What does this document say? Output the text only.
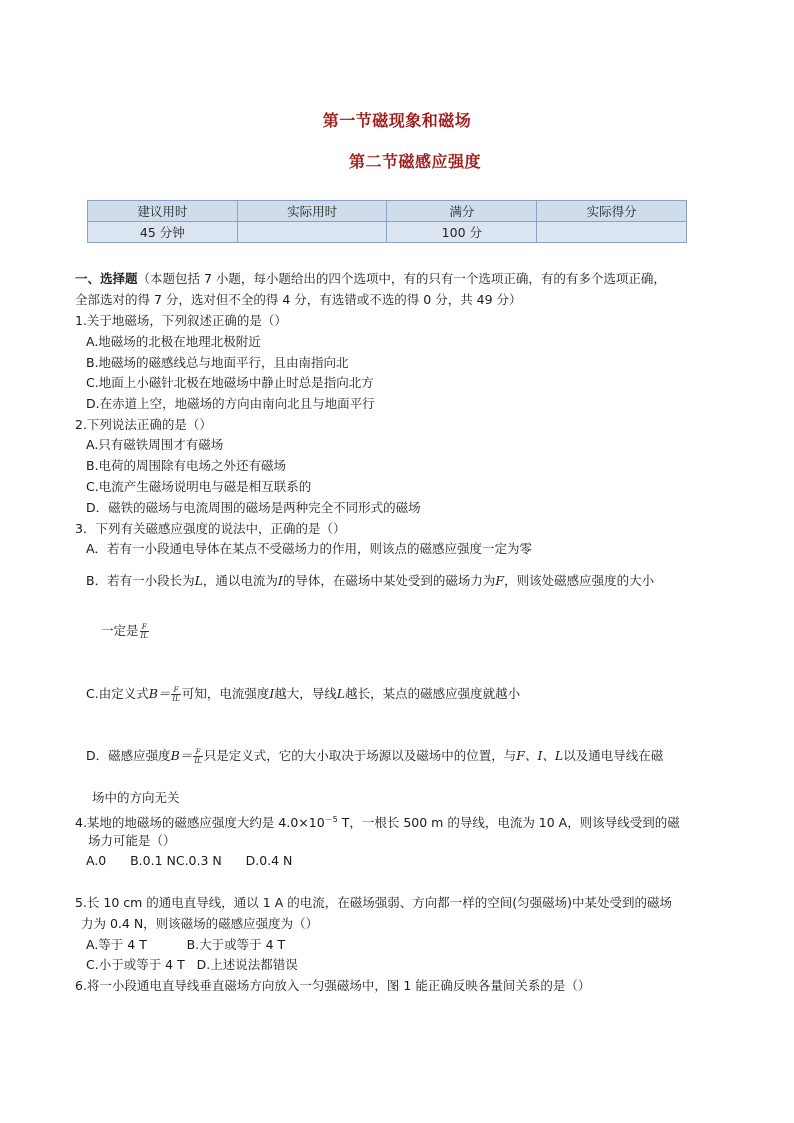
第一节磁现象和磁场
第二节磁感应强度
建议用时	实际用时	满分	实际得分
45 分钟		100 分	
一、选择题（本题包括 7 小题，每小题给出的四个选项中，有的只有一个选项正确，有的有多个选项正确，
全部选对的得 7 分，选对但不全的得 4 分，有选错或不选的得 0 分，共 49 分）
1.关于地磁场，下列叙述正确的是（）
A.地磁场的北极在地理北极附近
B.地磁场的磁感线总与地面平行，且由南指向北
C.地面上小磁针北极在地磁场中静止时总是指向北方
D.在赤道上空，地磁场的方向由南向北且与地面平行
2.下列说法正确的是（）
A.只有磁铁周围才有磁场
B.电荷的周围除有电场之外还有磁场
C.电流产生磁场说明电与磁是相互联系的
D．磁铁的磁场与电流周围的磁场是两种完全不同形式的磁场
3．下列有关磁感应强度的说法中，正确的是（）
A．若有一小段通电导体在某点不受磁场力的作用，则该点的磁感应强度一定为零
B．若有一小段长为L，通以电流为I的导体，在磁场中某处受到的磁场力为F，则该处磁感应强度的大小
一定是 $\frac{F}{IL}$
C.由定义式$B= \frac{F}{IL}$ 可知，电流强度I越大，导线L越长，某点的磁感应强度就越小
D．磁感应强度$B= \frac{F}{IL}$ 只是定义式，它的大小取决于场源以及磁场中的位置，与F、I、L以及通电导线在磁
场中的方向无关
4.某地的地磁场的磁感应强度大约是 $4.0\times 10^{-5}$ T，一根长 500 m 的导线，电流为 10 A，则该导线受到的磁
场力可能是（）
A.0      B.0.1 NC.0.3 N      D.0.4 N
5.长 10 cm 的通电直导线，通以 1 A 的电流，在磁场强弱、方向都一样的空间(匀强磁场)中某处受到的磁场
力为 0.4 N，则该磁场的磁感应强度为（）
A.等于 4 T          B.大于或等于 4 T
C.小于或等于 4 T   D.上述说法都错误
6.将一小段通电直导线垂直磁场方向放入一匀强磁场中，图 1 能正确反映各量间关系的是（）
